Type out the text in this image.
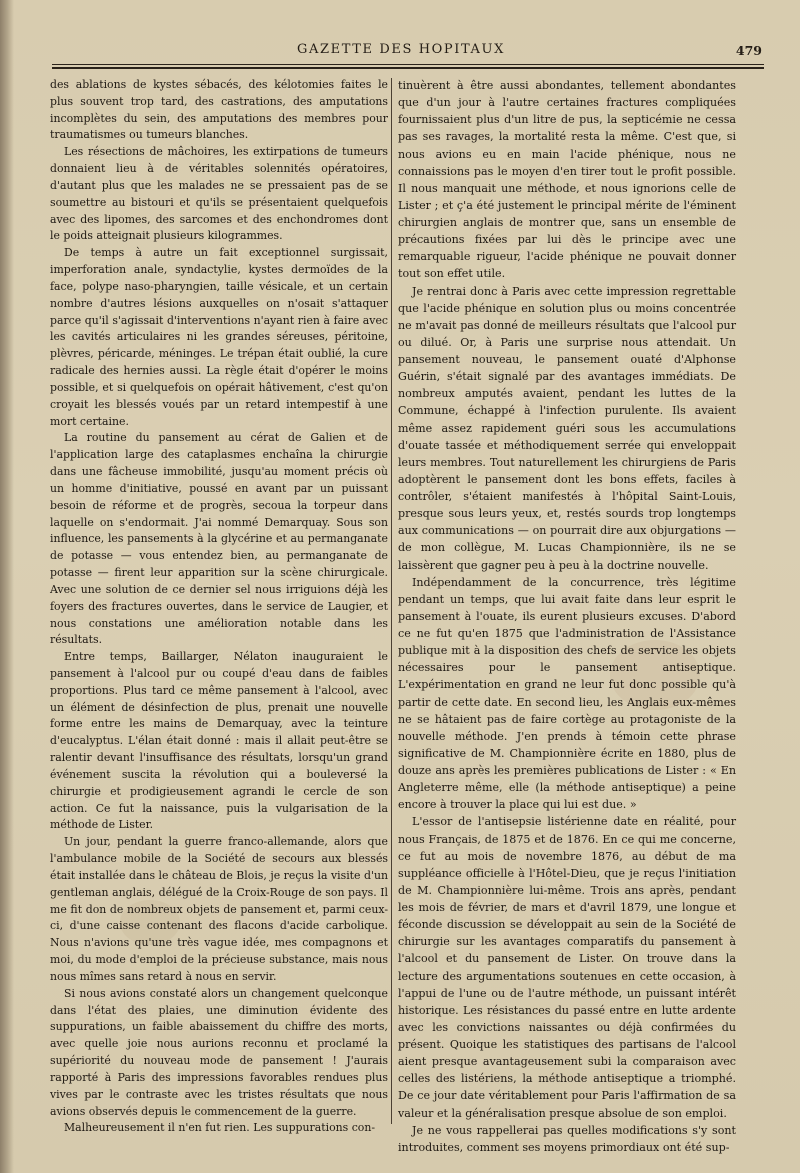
GAZETTE DES HOPITAUX	479

des ablations de kystes sébacés, des kélotomies faites le plus souvent trop tard, des castrations, des amputations incomplètes du sein, des amputations des membres pour traumatismes ou tumeurs blanches.

Les résections de mâchoires, les extirpations de tumeurs donnaient lieu à de véritables solennités opératoires, d'autant plus que les malades ne se pressaient pas de se soumettre au bistouri et qu'ils se présentaient quelquefois avec des lipomes, des sarcomes et des enchondromes dont le poids atteignait plusieurs kilogrammes.

De temps à autre un fait exceptionnel surgissait, imperforation anale, syndactylie, kystes dermoïdes de la face, polype naso-pharyngien, taille vésicale, et un certain nombre d'autres lésions auxquelles on n'osait s'attaquer parce qu'il s'agissait d'interventions n'ayant rien à faire avec les cavités articulaires ni les grandes séreuses, péritoine, plèvres, péricarde, méninges. Le trépan était oublié, la cure radicale des hernies aussi. La règle était d'opérer le moins possible, et si quelquefois on opérait hâtivement, c'est qu'on croyait les blessés voués par un retard intempestif à une mort certaine.

La routine du pansement au cérat de Galien et de l'application large des cataplasmes enchaîna la chirurgie dans une fâcheuse immobilité, jusqu'au moment précis où un homme d'initiative, poussé en avant par un puissant besoin de réforme et de progrès, secoua la torpeur dans laquelle on s'endormait. J'ai nommé Demarquay. Sous son influence, les pansements à la glycérine et au permanganate de potasse — vous entendez bien, au permanganate de potasse — firent leur apparition sur la scène chirurgicale. Avec une solution de ce dernier sel nous irriguions déjà les foyers des fractures ouvertes, dans le service de Laugier, et nous constations une amélioration notable dans les résultats.

Entre temps, Baillarger, Nélaton inauguraient le pansement à l'alcool pur ou coupé d'eau dans de faibles proportions. Plus tard ce même pansement à l'alcool, avec un élément de désinfection de plus, prenait une nouvelle forme entre les mains de Demarquay, avec la teinture d'eucalyptus. L'élan était donné : mais il allait peut-être se ralentir devant l'insuffisance des résultats, lorsqu'un grand événement suscita la révolution qui a bouleversé la chirurgie et prodigieusement agrandi le cercle de son action. Ce fut la naissance, puis la vulgarisation de la méthode de Lister.

Un jour, pendant la guerre franco-allemande, alors que l'ambulance mobile de la Société de secours aux blessés était installée dans le château de Blois, je reçus la visite d'un gentleman anglais, délégué de la Croix-Rouge de son pays. Il me fit don de nombreux objets de pansement et, parmi ceux-ci, d'une caisse contenant des flacons d'acide carbolique. Nous n'avions qu'une très vague idée, mes compagnons et moi, du mode d'emploi de la précieuse substance, mais nous nous mîmes sans retard à nous en servir.

Si nous avions constaté alors un changement quelconque dans l'état des plaies, une diminution évidente des suppurations, un faible abaissement du chiffre des morts, avec quelle joie nous aurions reconnu et proclamé la supériorité du nouveau mode de pansement ! J'aurais rapporté à Paris des impressions favorables rendues plus vives par le contraste avec les tristes résultats que nous avions observés depuis le commencement de la guerre.

Malheureusement il n'en fut rien. Les suppurations con-

tinuèrent à être aussi abondantes, tellement abondantes que d'un jour à l'autre certaines fractures compliquées fournissaient plus d'un litre de pus, la septicémie ne cessa pas ses ravages, la mortalité resta la même. C'est que, si nous avions eu en main l'acide phénique, nous ne connaissions pas le moyen d'en tirer tout le profit possible. Il nous manquait une méthode, et nous ignorions celle de Lister ; et ç'a été justement le principal mérite de l'éminent chirurgien anglais de montrer que, sans un ensemble de précautions fixées par lui dès le principe avec une remarquable rigueur, l'acide phénique ne pouvait donner tout son effet utile.

Je rentrai donc à Paris avec cette impression regrettable que l'acide phénique en solution plus ou moins concentrée ne m'avait pas donné de meilleurs résultats que l'alcool pur ou dilué. Or, à Paris une surprise nous attendait. Un pansement nouveau, le pansement ouaté d'Alphonse Guérin, s'était signalé par des avantages immédiats. De nombreux amputés avaient, pendant les luttes de la Commune, échappé à l'infection purulente. Ils avaient même assez rapidement guéri sous les accumulations d'ouate tassée et méthodiquement serrée qui enveloppait leurs membres. Tout naturellement les chirurgiens de Paris adoptèrent le pansement dont les bons effets, faciles à contrôler, s'étaient manifestés à l'hôpital Saint-Louis, presque sous leurs yeux, et, restés sourds trop longtemps aux communications — on pourrait dire aux objurgations — de mon collègue, M. Lucas Championnière, ils ne se laissèrent que gagner peu à peu à la doctrine nouvelle.

Indépendamment de la concurrence, très légitime pendant un temps, que lui avait faite dans leur esprit le pansement à l'ouate, ils eurent plusieurs excuses. D'abord ce ne fut qu'en 1875 que l'administration de l'Assistance publique mit à la disposition des chefs de service les objets nécessaires pour le pansement antiseptique. L'expérimentation en grand ne leur fut donc possible qu'à partir de cette date. En second lieu, les Anglais eux-mêmes ne se hâtaient pas de faire cortège au protagoniste de la nouvelle méthode. J'en prends à témoin cette phrase significative de M. Championnière écrite en 1880, plus de douze ans après les premières publications de Lister : « En Angleterre même, elle (la méthode antiseptique) a peine encore à trouver la place qui lui est due. »

L'essor de l'antisepsie listérienne date en réalité, pour nous Français, de 1875 et de 1876. En ce qui me concerne, ce fut au mois de novembre 1876, au début de ma suppléance officielle à l'Hôtel-Dieu, que je reçus l'initiation de M. Championnière lui-même. Trois ans après, pendant les mois de février, de mars et d'avril 1879, une longue et féconde discussion se développait au sein de la Société de chirurgie sur les avantages comparatifs du pansement à l'alcool et du pansement de Lister. On trouve dans la lecture des argumentations soutenues en cette occasion, à l'appui de l'une ou de l'autre méthode, un puissant intérêt historique. Les résistances du passé entre en lutte ardente avec les convictions naissantes ou déjà confirmées du présent. Quoique les statistiques des partisans de l'alcool aient presque avantageusement subi la comparaison avec celles des listériens, la méthode antiseptique a triomphé. De ce jour date véritablement pour Paris l'affirmation de sa valeur et la généralisation presque absolue de son emploi.

Je ne vous rappellerai pas quelles modifications s'y sont introduites, comment ses moyens primordiaux ont été sup-
